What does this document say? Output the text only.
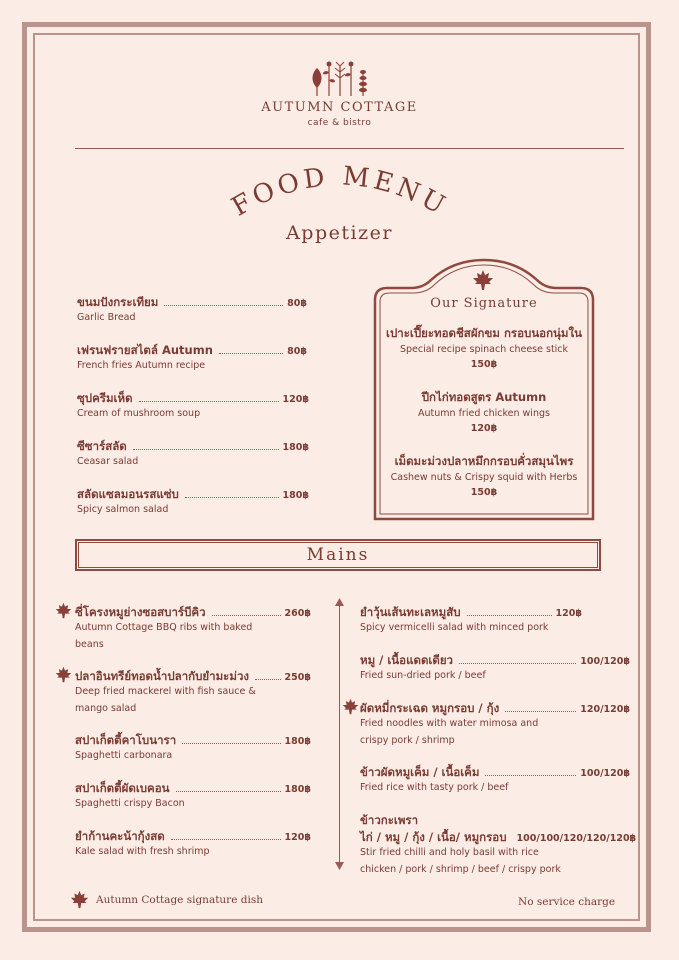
AUTUMN COTTAGE
cafe & bistro
FOOD MENU
Appetizer
ขนมปังกระเทียม	80฿
Garlic Bread
เฟรนฟรายสไตล์ Autumn	80฿
French fries Autumn recipe
ซุปครีมเห็ด	120฿
Cream of mushroom soup
ซีซาร์สลัด	180฿
Ceasar salad
สลัดแซลมอนรสแซ่บ	180฿
Spicy salmon salad
Our Signature
เปาะเปี๊ยะทอดชีสผักขม กรอบนอกนุ่มใน
Special recipe spinach cheese stick
150฿
ปีกไก่ทอดสูตร Autumn
Autumn fried chicken wings
120฿
เม็ดมะม่วงปลาหมึกกรอบคั่วสมุนไพร
Cashew nuts & Crispy squid with Herbs
150฿
Mains
ซี่โครงหมูย่างซอสบาร์บีคิว	260฿
Autumn Cottage BBQ ribs with baked
beans
ปลาอินทรีย์ทอดน้ำปลากับยำมะม่วง	250฿
Deep fried mackerel with fish sauce &
mango salad
สปาเก็ตตี้คาโบนารา	180฿
Spaghetti carbonara
สปาเก็ตตี้ผัดเบคอน	180฿
Spaghetti crispy Bacon
ยำก้านคะน้ากุ้งสด	120฿
Kale salad with fresh shrimp
ยำวุ้นเส้นทะเลหมูสับ	120฿
Spicy vermicelli salad with minced pork
หมู / เนื้อแดดเดียว	100/120฿
Fried sun-dried pork / beef
ผัดหมี่กระเฉด หมูกรอบ / กุ้ง	120/120฿
Fried noodles with water mimosa and
crispy pork / shrimp
ข้าวผัดหมูเค็ม / เนื้อเค็ม	100/120฿
Fried rice with tasty pork / beef
ข้าวกะเพรา
ไก่ / หมู / กุ้ง / เนื้อ/ หมูกรอบ 100/100/120/120/120฿
Stir fried chilli and holy basil with rice
chicken / pork / shrimp / beef / crispy pork
Autumn Cottage signature dish	No service charge
